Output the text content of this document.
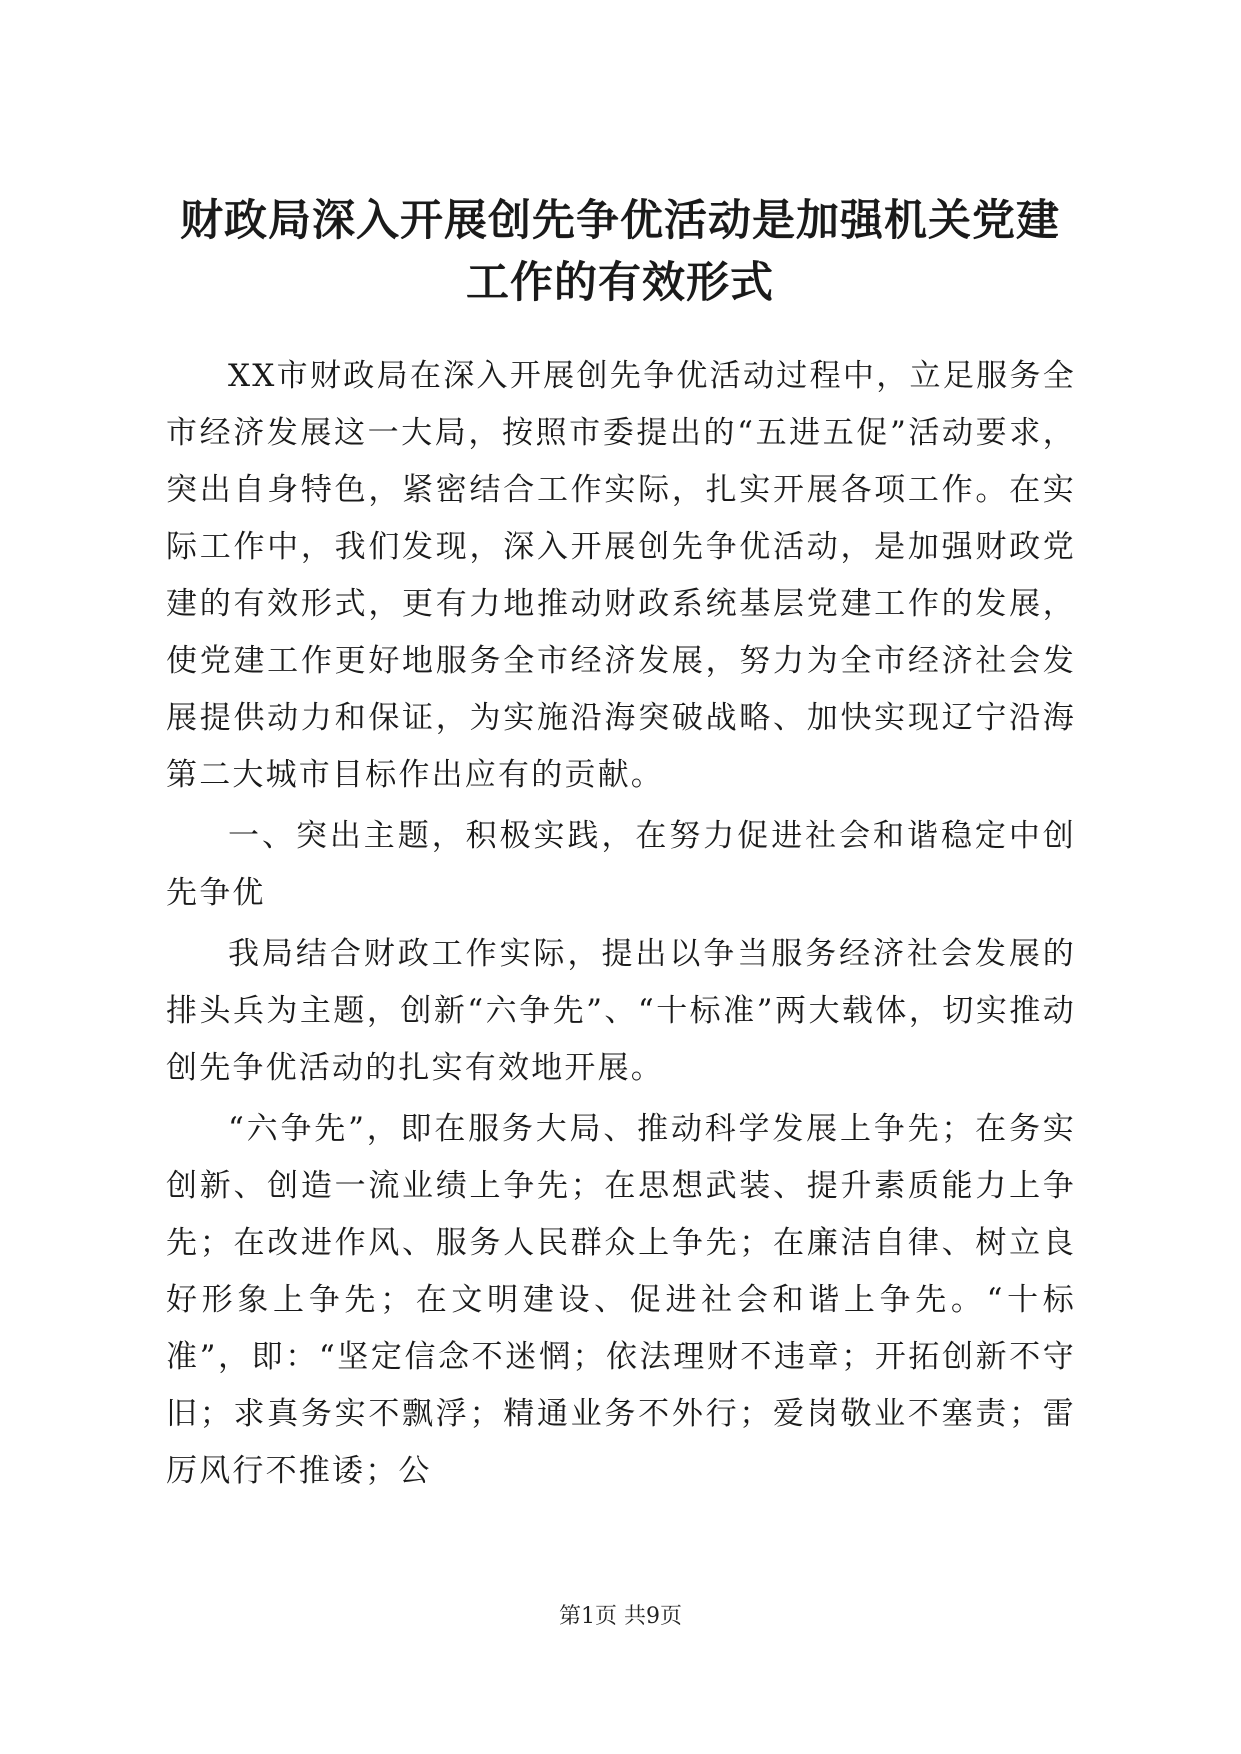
财政局深入开展创先争优活动是加强机关党建
工作的有效形式

XX市财政局在深入开展创先争优活动过程中，立足服务全市经济发展这一大局，按照市委提出的“五进五促”活动要求，突出自身特色，紧密结合工作实际，扎实开展各项工作。在实际工作中，我们发现，深入开展创先争优活动，是加强财政党建的有效形式，更有力地推动财政系统基层党建工作的发展，使党建工作更好地服务全市经济发展，努力为全市经济社会发展提供动力和保证，为实施沿海突破战略、加快实现辽宁沿海第二大城市目标作出应有的贡献。

一、突出主题，积极实践，在努力促进社会和谐稳定中创先争优

我局结合财政工作实际，提出以争当服务经济社会发展的排头兵为主题，创新“六争先”、“十标准”两大载体，切实推动创先争优活动的扎实有效地开展。

“六争先”，即在服务大局、推动科学发展上争先；在务实创新、创造一流业绩上争先；在思想武装、提升素质能力上争先；在改进作风、服务人民群众上争先；在廉洁自律、树立良好形象上争先；在文明建设、促进社会和谐上争先。“十标准”，即：“坚定信念不迷惘；依法理财不违章；开拓创新不守旧；求真务实不飘浮；精通业务不外行；爱岗敬业不塞责；雷厉风行不推诿；公

第1页 共9页
